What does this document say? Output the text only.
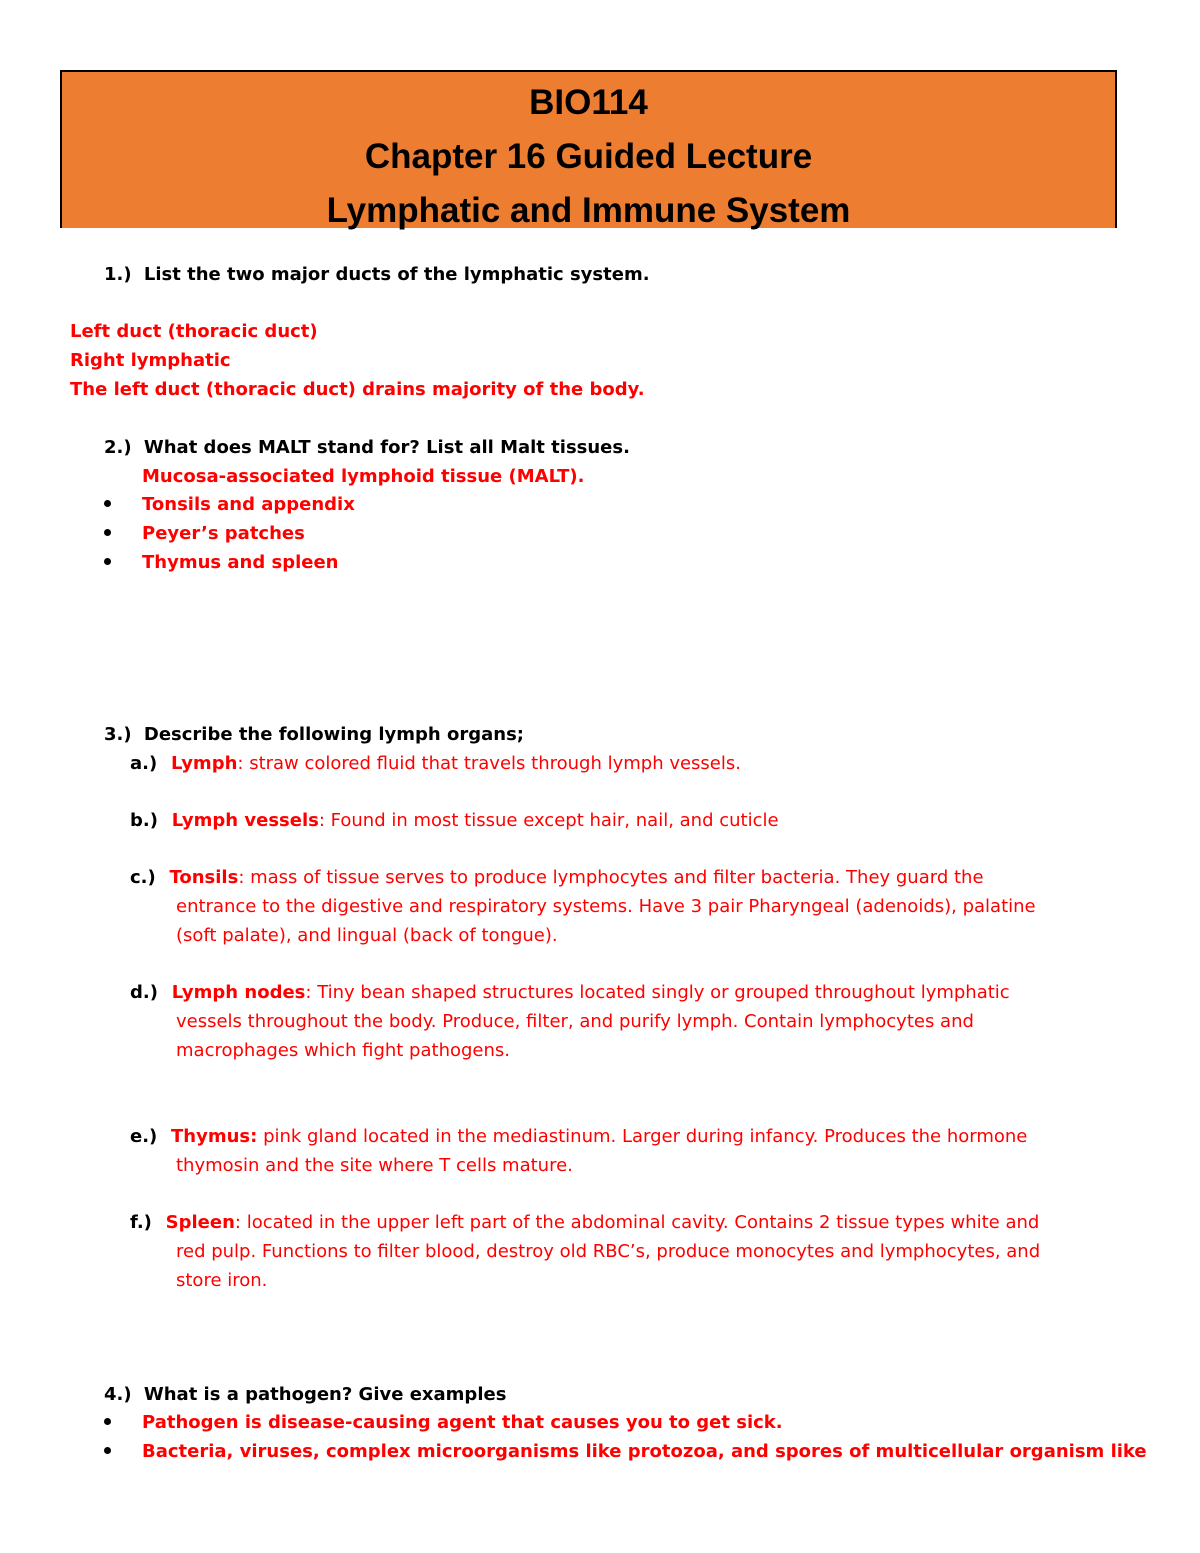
BIO114
Chapter 16 Guided Lecture
Lymphatic and Immune System
1.) List the two major ducts of the lymphatic system.
Left duct (thoracic duct)
Right lymphatic
The left duct (thoracic duct) drains majority of the body.
2.) What does MALT stand for? List all Malt tissues.
Mucosa-associated lymphoid tissue (MALT).
Tonsils and appendix
Peyer’s patches
Thymus and spleen
3.) Describe the following lymph organs;
a.) Lymph: straw colored fluid that travels through lymph vessels.
b.) Lymph vessels: Found in most tissue except hair, nail, and cuticle
c.) Tonsils: mass of tissue serves to produce lymphocytes and filter bacteria. They guard the
entrance to the digestive and respiratory systems. Have 3 pair Pharyngeal (adenoids), palatine
(soft palate), and lingual (back of tongue).
d.) Lymph nodes: Tiny bean shaped structures located singly or grouped throughout lymphatic
vessels throughout the body. Produce, filter, and purify lymph. Contain lymphocytes and
macrophages which fight pathogens.
e.) Thymus: pink gland located in the mediastinum. Larger during infancy. Produces the hormone
thymosin and the site where T cells mature.
f.) Spleen: located in the upper left part of the abdominal cavity. Contains 2 tissue types white and
red pulp. Functions to filter blood, destroy old RBC’s, produce monocytes and lymphocytes, and
store iron.
4.) What is a pathogen? Give examples
Pathogen is disease-causing agent that causes you to get sick.
Bacteria, viruses, complex microorganisms like protozoa, and spores of multicellular organism like
